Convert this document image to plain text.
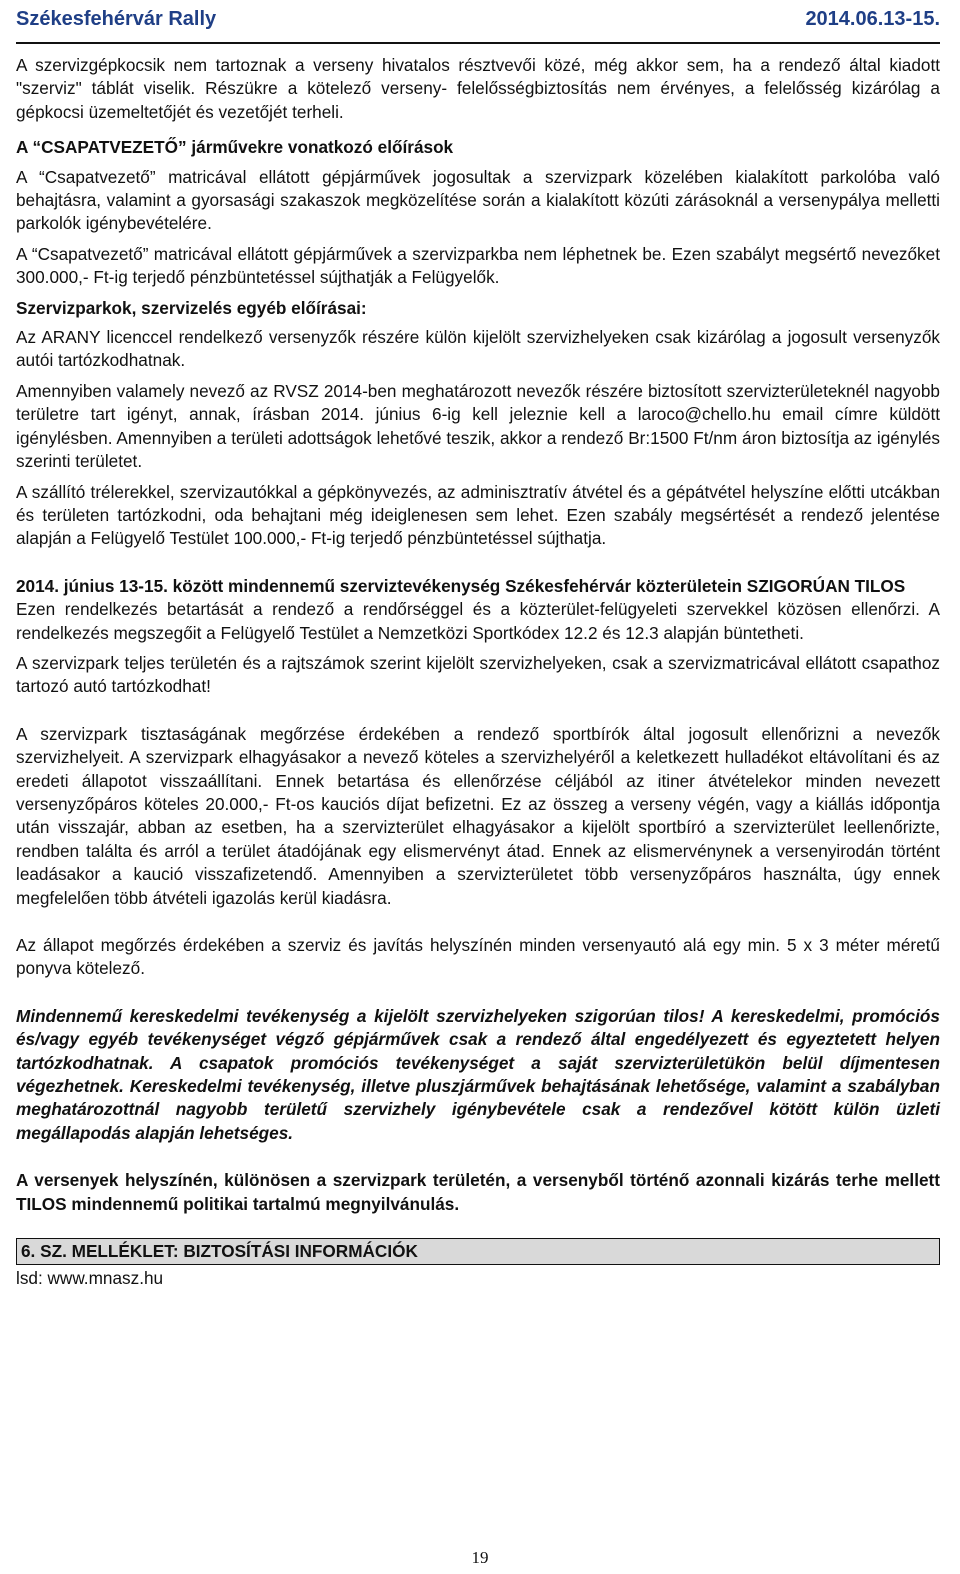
Székesfehérvár Rally	2014.06.13-15.

A szervizgépkocsik nem tartoznak a verseny hivatalos résztvevői közé, még akkor sem, ha a rendező által kiadott "szerviz" táblát viselik. Részükre a kötelező verseny- felelősségbiztosítás nem érvényes, a felelősség kizárólag a gépkocsi üzemeltetőjét és vezetőjét terheli.

A “CSAPATVEZETŐ” járművekre vonatkozó előírások

A “Csapatvezető” matricával ellátott gépjárművek jogosultak a szervizpark közelében kialakított parkolóba való behajtásra, valamint a gyorsasági szakaszok megközelítése során a kialakított közúti zárásoknál a versenypálya melletti parkolók igénybevételére.

A “Csapatvezető” matricával ellátott gépjárművek a szervizparkba nem léphetnek be. Ezen szabályt megsértő nevezőket 300.000,- Ft-ig terjedő pénzbüntetéssel sújthatják a Felügyelők.

Szervizparkok, szervizelés egyéb előírásai:

Az ARANY licenccel rendelkező versenyzők részére külön kijelölt szervizhelyeken csak kizárólag a jogosult versenyzők autói tartózkodhatnak.

Amennyiben valamely nevező az RVSZ 2014-ben meghatározott nevezők részére biztosított szervizterületeknél nagyobb területre tart igényt, annak, írásban 2014. június 6-ig kell jeleznie kell a laroco@chello.hu email címre küldött igénylésben. Amennyiben a területi adottságok lehetővé teszik, akkor a rendező Br:1500 Ft/nm áron biztosítja az igénylés szerinti területet.

A szállító trélerekkel, szervizautókkal a gépkönyvezés, az adminisztratív átvétel és a gépátvétel helyszíne előtti utcákban és területen tartózkodni, oda behajtani még ideiglenesen sem lehet. Ezen szabály megsértését a rendező jelentése alapján a Felügyelő Testület 100.000,- Ft-ig terjedő pénzbüntetéssel sújthatja.

2014. június 13-15. között mindennemű szerviztevékenység Székesfehérvár közterületein SZIGORÚAN TILOS

Ezen rendelkezés betartását a rendező a rendőrséggel és a közterület-felügyeleti szervekkel közösen ellenőrzi. A rendelkezés megszegőit a Felügyelő Testület a Nemzetközi Sportkódex 12.2 és 12.3 alapján büntetheti.

A szervizpark teljes területén és a rajtszámok szerint kijelölt szervizhelyeken, csak a szervizmatricával ellátott csapathoz tartozó autó tartózkodhat!

A szervizpark tisztaságának megőrzése érdekében a rendező sportbírók által jogosult ellenőrizni a nevezők szervizhelyeit. A szervizpark elhagyásakor a nevező köteles a szervizhelyéről a keletkezett hulladékot eltávolítani és az eredeti állapotot visszaállítani. Ennek betartása és ellenőrzése céljából az itiner átvételekor minden nevezett versenyzőpáros köteles 20.000,- Ft-os kauciós díjat befizetni. Ez az összeg a verseny végén, vagy a kiállás időpontja után visszajár, abban az esetben, ha a szervizterület elhagyásakor a kijelölt sportbíró a szervizterület leellenőrizte, rendben találta és arról a terület átadójának egy elismervényt átad. Ennek az elismervénynek a versenyirodán történt leadásakor a kaució visszafizetendő. Amennyiben a szervizterületet több versenyzőpáros használta, úgy ennek megfelelően több átvételi igazolás kerül kiadásra.

Az állapot megőrzés érdekében a szerviz és javítás helyszínén minden versenyautó alá egy min. 5 x 3 méter méretű ponyva kötelező.

Mindennemű kereskedelmi tevékenység a kijelölt szervizhelyeken szigorúan tilos! A kereskedelmi, promóciós és/vagy egyéb tevékenységet végző gépjárművek csak a rendező által engedélyezett és egyeztetett helyen tartózkodhatnak. A csapatok promóciós tevékenységet a saját szervizterületükön belül díjmentesen végezhetnek. Kereskedelmi tevékenység, illetve pluszjárművek behajtásának lehetősége, valamint a szabályban meghatározottnál nagyobb területű szervizhely igénybevétele csak a rendezővel kötött külön üzleti megállapodás alapján lehetséges.

A versenyek helyszínén, különösen a szervizpark területén, a versenyből történő azonnali kizárás terhe mellett TILOS mindennemű politikai tartalmú megnyilvánulás.

6. SZ. MELLÉKLET: BIZTOSÍTÁSI INFORMÁCIÓK

lsd: www.mnasz.hu

19
